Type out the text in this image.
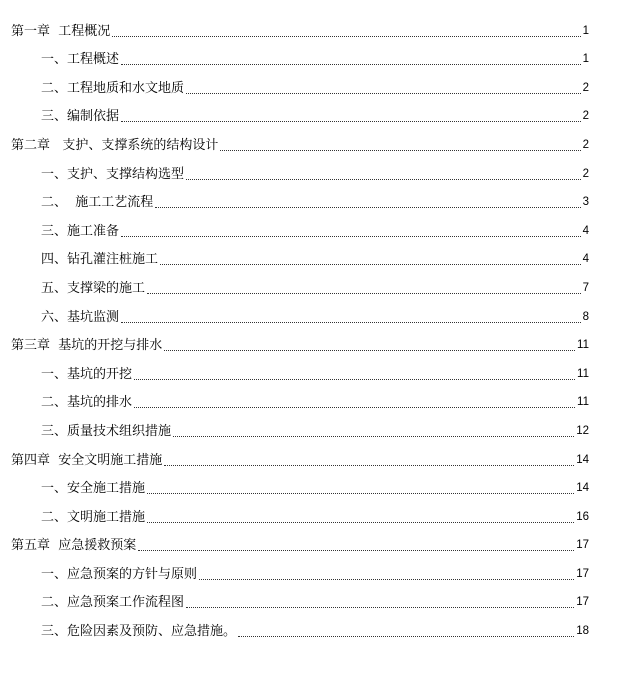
第一章  工程概况	1
一、工程概述	1
二、工程地质和水文地质	2
三、编制依据	2
第二章   支护、支撑系统的结构设计	2
一、支护、支撑结构选型	2
二、  施工工艺流程	3
三、施工准备	4
四、钻孔灌注桩施工	4
五、支撑梁的施工	7
六、基坑监测	8
第三章  基坑的开挖与排水	11
一、基坑的开挖	11
二、基坑的排水	11
三、质量技术组织措施	12
第四章  安全文明施工措施	14
一、安全施工措施	14
二、文明施工措施	16
第五章  应急援救预案	17
一、应急预案的方针与原则	17
二、应急预案工作流程图	17
三、危险因素及预防、应急措施。	18
